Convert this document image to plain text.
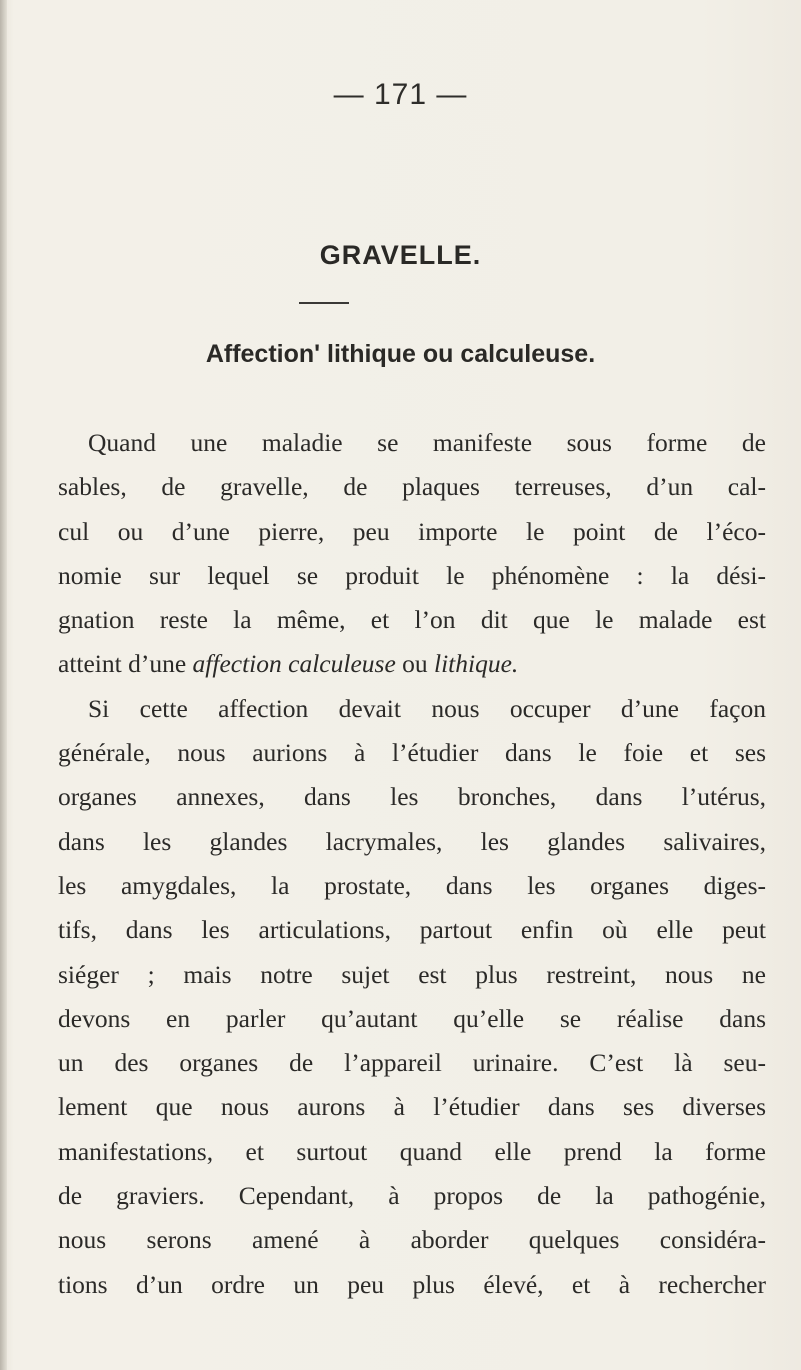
— 171 —
GRAVELLE.
Affection' lithique ou calculeuse.
Quand une maladie se manifeste sous forme de
sables, de gravelle, de plaques terreuses, d’un cal-
cul ou d’une pierre, peu importe le point de l’éco-
nomie sur lequel se produit le phénomène : la dési-
gnation reste la même, et l’on dit que le malade est
atteint d’une affection calculeuse ou lithique.
Si cette affection devait nous occuper d’une façon
générale, nous aurions à l’étudier dans le foie et ses
organes annexes, dans les bronches, dans l’utérus,
dans les glandes lacrymales, les glandes salivaires,
les amygdales, la prostate, dans les organes diges-
tifs, dans les articulations, partout enfin où elle peut
siéger ; mais notre sujet est plus restreint, nous ne
devons en parler qu’autant qu’elle se réalise dans
un des organes de l’appareil urinaire. C’est là seu-
lement que nous aurons à l’étudier dans ses diverses
manifestations, et surtout quand elle prend la forme
de graviers. Cependant, à propos de la pathogénie,
nous serons amené à aborder quelques considéra-
tions d’un ordre un peu plus élevé, et à rechercher
